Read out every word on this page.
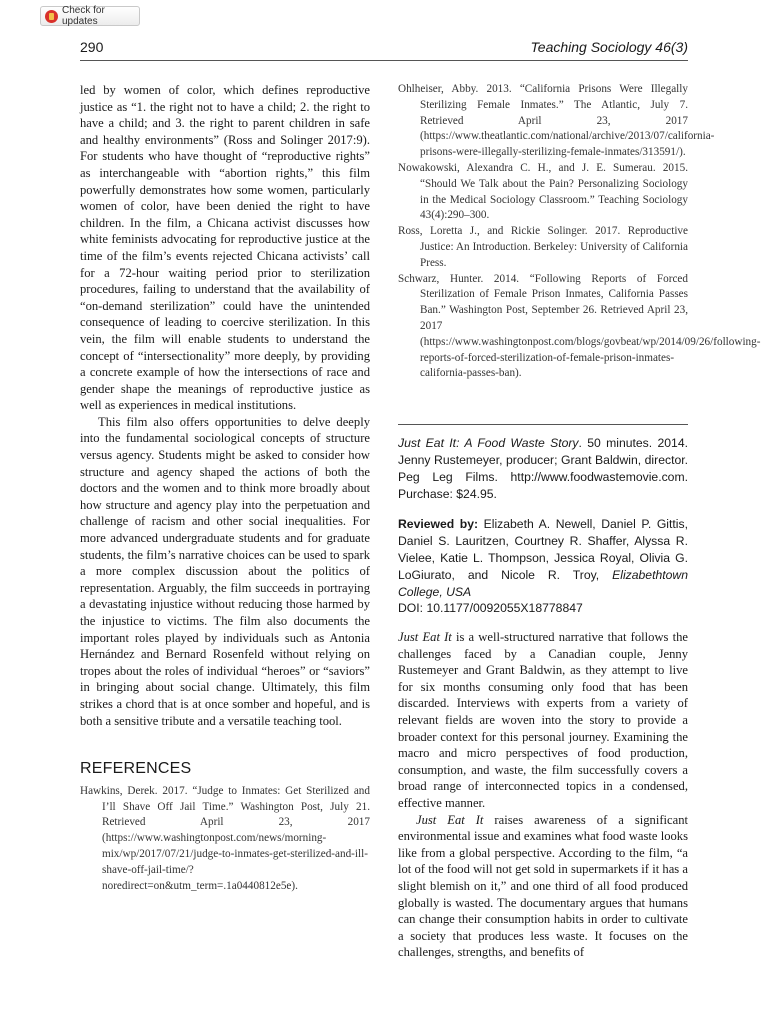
Check for updates
290	Teaching Sociology 46(3)

led by women of color, which defines reproductive justice as “1. the right not to have a child; 2. the right to have a child; and 3. the right to parent children in safe and healthy environments” (Ross and Solinger 2017:9). For students who have thought of “reproductive rights” as interchangeable with “abortion rights,” this film powerfully demonstrates how some women, particularly women of color, have been denied the right to have children. In the film, a Chicana activist discusses how white feminists advocating for reproductive justice at the time of the film’s events rejected Chicana activists’ call for a 72-hour waiting period prior to sterilization procedures, failing to understand that the availability of “on-demand sterilization” could have the unintended consequence of leading to coercive sterilization. In this vein, the film will enable students to understand the concept of “intersectionality” more deeply, by providing a concrete example of how the intersections of race and gender shape the meanings of reproductive justice as well as experiences in medical institutions.

This film also offers opportunities to delve deeply into the fundamental sociological concepts of structure versus agency. Students might be asked to consider how structure and agency shaped the actions of both the doctors and the women and to think more broadly about how structure and agency play into the perpetuation and challenge of racism and other social inequalities. For more advanced undergraduate students and for graduate students, the film’s narrative choices can be used to spark a more complex discussion about the politics of representation. Arguably, the film succeeds in portraying a devastating injustice without reducing those harmed by the injustice to victims. The film also documents the important roles played by individuals such as Antonia Hernández and Bernard Rosenfeld without relying on tropes about the roles of individual “heroes” or “saviors” in bringing about social change. Ultimately, this film strikes a chord that is at once somber and hopeful, and is both a sensitive tribute and a versatile teaching tool.

REFERENCES
Hawkins, Derek. 2017. “Judge to Inmates: Get Sterilized and I’ll Shave Off Jail Time.” Washington Post, July 21. Retrieved April 23, 2017 (https://www.washingtonpost.com/news/morning-mix/wp/2017/07/21/judge-to-inmates-get-sterilized-and-ill-shave-off-jail-time/?noredirect=on&utm_term=.1a0440812e5e).
Ohlheiser, Abby. 2013. “California Prisons Were Illegally Sterilizing Female Inmates.” The Atlantic, July 7. Retrieved April 23, 2017 (https://www.theatlantic.com/national/archive/2013/07/california-prisons-were-illegally-sterilizing-female-inmates/313591/).
Nowakowski, Alexandra C. H., and J. E. Sumerau. 2015. “Should We Talk about the Pain? Personalizing Sociology in the Medical Sociology Classroom.” Teaching Sociology 43(4):290–300.
Ross, Loretta J., and Rickie Solinger. 2017. Reproductive Justice: An Introduction. Berkeley: University of California Press.
Schwarz, Hunter. 2014. “Following Reports of Forced Sterilization of Female Prison Inmates, California Passes Ban.” Washington Post, September 26. Retrieved April 23, 2017 (https://www.washingtonpost.com/blogs/govbeat/wp/2014/09/26/following-reports-of-forced-sterilization-of-female-prison-inmates-california-passes-ban).
Just Eat It: A Food Waste Story. 50 minutes. 2014. Jenny Rustemeyer, producer; Grant Baldwin, director. Peg Leg Films. http://www.foodwastemovie.com. Purchase: $24.95.
Reviewed by: Elizabeth A. Newell, Daniel P. Gittis, Daniel S. Lauritzen, Courtney R. Shaffer, Alyssa R. Vielee, Katie L. Thompson, Jessica Royal, Olivia G. LoGiurato, and Nicole R. Troy, Elizabethtown College, USA
DOI: 10.1177/0092055X18778847

Just Eat It is a well-structured narrative that follows the challenges faced by a Canadian couple, Jenny Rustemeyer and Grant Baldwin, as they attempt to live for six months consuming only food that has been discarded. Interviews with experts from a variety of relevant fields are woven into the story to provide a broader context for this personal journey. Examining the macro and micro perspectives of food production, consumption, and waste, the film successfully covers a broad range of interconnected topics in a condensed, effective manner.

Just Eat It raises awareness of a significant environmental issue and examines what food waste looks like from a global perspective. According to the film, “a lot of the food will not get sold in supermarkets if it has a slight blemish on it,” and one third of all food produced globally is wasted. The documentary argues that humans can change their consumption habits in order to cultivate a society that produces less waste. It focuses on the challenges, strengths, and benefits of
